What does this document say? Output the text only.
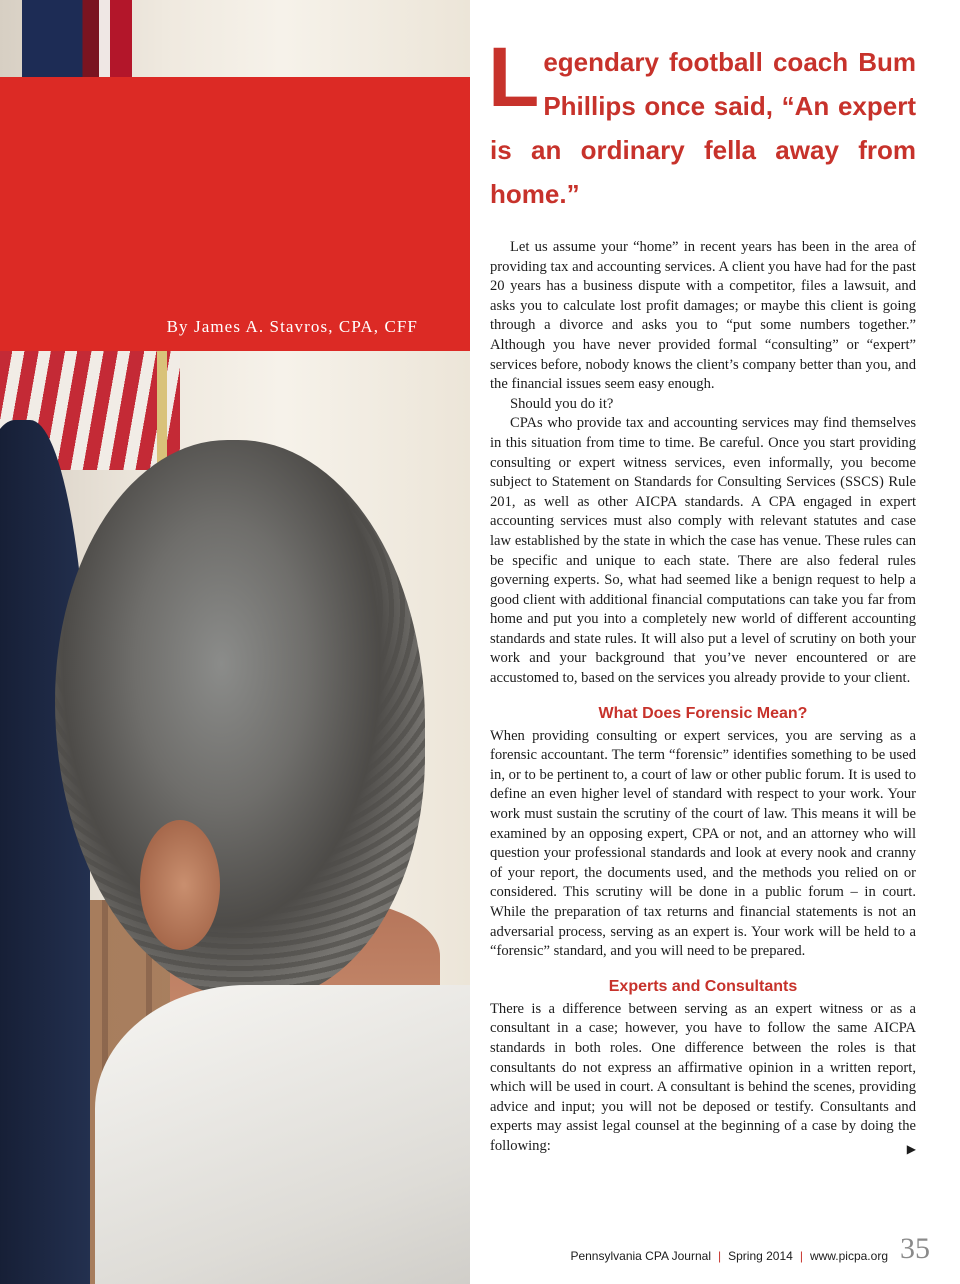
By James A. Stavros, CPA, CFF

Legendary football coach Bum Phillips once said, “An expert is an ordinary fella away from home.”

Let us assume your “home” in recent years has been in the area of providing tax and accounting services. A client you have had for the past 20 years has a business dispute with a competitor, files a lawsuit, and asks you to calculate lost profit damages; or maybe this client is going through a divorce and asks you to “put some numbers together.” Although you have never provided formal “consulting” or “expert” services before, nobody knows the client’s company better than you, and the financial issues seem easy enough.

Should you do it?

CPAs who provide tax and accounting services may find themselves in this situation from time to time. Be careful. Once you start providing consulting or expert witness services, even informally, you become subject to Statement on Standards for Consulting Services (SSCS) Rule 201, as well as other AICPA standards. A CPA engaged in expert accounting services must also comply with relevant statutes and case law established by the state in which the case has venue. These rules can be specific and unique to each state. There are also federal rules governing experts. So, what had seemed like a benign request to help a good client with additional financial computations can take you far from home and put you into a completely new world of different accounting standards and state rules. It will also put a level of scrutiny on both your work and your background that you’ve never encountered or are accustomed to, based on the services you already provide to your client.

What Does Forensic Mean?

When providing consulting or expert services, you are serving as a forensic accountant. The term “forensic” identifies something to be used in, or to be pertinent to, a court of law or other public forum. It is used to define an even higher level of standard with respect to your work. Your work must sustain the scrutiny of the court of law. This means it will be examined by an opposing expert, CPA or not, and an attorney who will question your professional standards and look at every nook and cranny of your report, the documents used, and the methods you relied on or considered. This scrutiny will be done in a public forum – in court. While the preparation of tax returns and financial statements is not an adversarial process, serving as an expert is. Your work will be held to a “forensic” standard, and you will need to be prepared.

Experts and Consultants

There is a difference between serving as an expert witness or as a consultant in a case; however, you have to follow the same AICPA standards in both roles. One difference between the roles is that consultants do not express an affirmative opinion in a written report, which will be used in court. A consultant is behind the scenes, providing advice and input; you will not be deposed or testify. Consultants and experts may assist legal counsel at the beginning of a case by doing the following:	▶

Pennsylvania CPA Journal | Spring 2014 | www.picpa.org 35
